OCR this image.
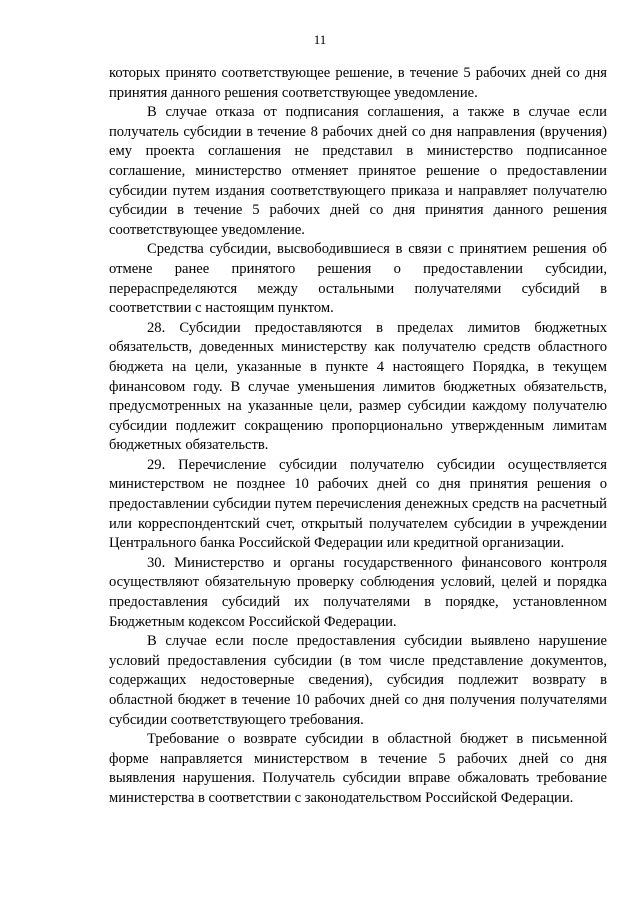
11

которых принято соответствующее решение, в течение 5 рабочих дней со дня принятия данного решения соответствующее уведомление.

В случае отказа от подписания соглашения, а также в случае если получатель субсидии в течение 8 рабочих дней со дня направления (вручения) ему проекта соглашения не представил в министерство подписанное соглашение, министерство отменяет принятое решение о предоставлении субсидии путем издания соответствующего приказа и направляет получателю субсидии в течение 5 рабочих дней со дня принятия данного решения соответствующее уведомление.

Средства субсидии, высвободившиеся в связи с принятием решения об отмене ранее принятого решения о предоставлении субсидии, перераспределяются между остальными получателями субсидий в соответствии с настоящим пунктом.

28. Субсидии предоставляются в пределах лимитов бюджетных обязательств, доведенных министерству как получателю средств областного бюджета на цели, указанные в пункте 4 настоящего Порядка, в текущем финансовом году. В случае уменьшения лимитов бюджетных обязательств, предусмотренных на указанные цели, размер субсидии каждому получателю субсидии подлежит сокращению пропорционально утвержденным лимитам бюджетных обязательств.

29. Перечисление субсидии получателю субсидии осуществляется министерством не позднее 10 рабочих дней со дня принятия решения о предоставлении субсидии путем перечисления денежных средств на расчетный или корреспондентский счет, открытый получателем субсидии в учреждении Центрального банка Российской Федерации или кредитной организации.

30. Министерство и органы государственного финансового контроля осуществляют обязательную проверку соблюдения условий, целей и порядка предоставления субсидий их получателями в порядке, установленном Бюджетным кодексом Российской Федерации.

В случае если после предоставления субсидии выявлено нарушение условий предоставления субсидии (в том числе представление документов, содержащих недостоверные сведения), субсидия подлежит возврату в областной бюджет в течение 10 рабочих дней со дня получения получателями субсидии соответствующего требования.

Требование о возврате субсидии в областной бюджет в письменной форме направляется министерством в течение 5 рабочих дней со дня выявления нарушения. Получатель субсидии вправе обжаловать требование министерства в соответствии с законодательством Российской Федерации.
